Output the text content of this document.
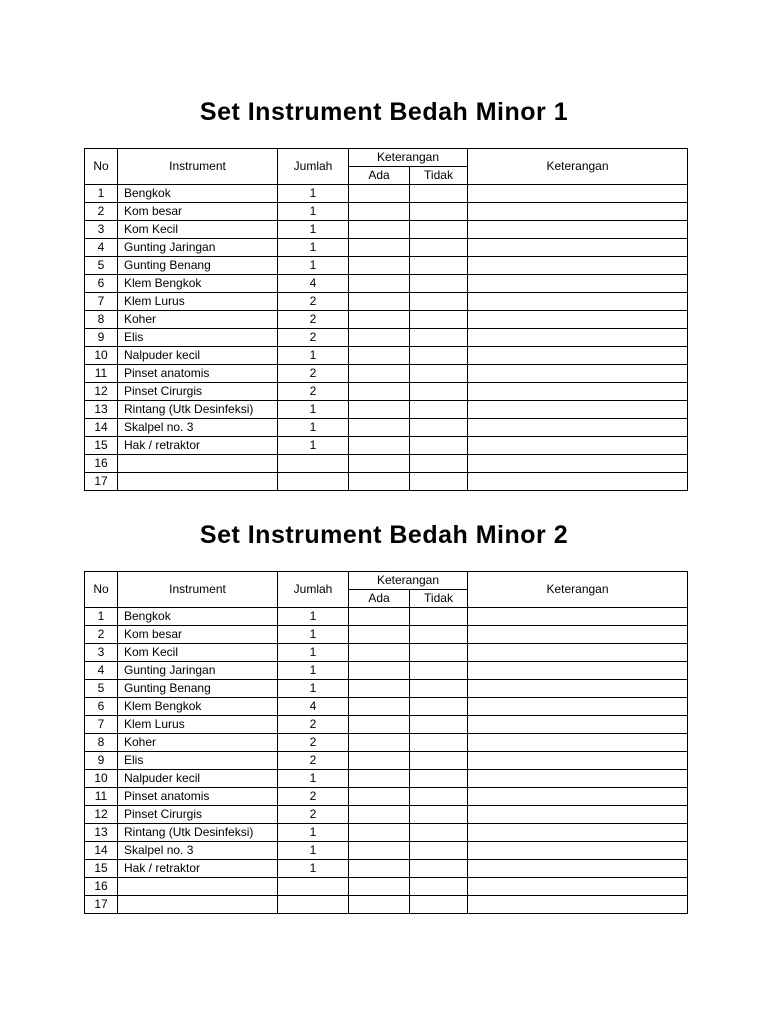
Set Instrument Bedah Minor 1
No	Instrument	Jumlah	Keterangan		Keterangan
			Ada	Tidak	
1	Bengkok	1			
2	Kom besar	1			
3	Kom Kecil	1			
4	Gunting Jaringan	1			
5	Gunting Benang	1			
6	Klem Bengkok	4			
7	Klem Lurus	2			
8	Koher	2			
9	Elis	2			
10	Nalpuder kecil	1			
11	Pinset anatomis	2			
12	Pinset Cirurgis	2			
13	Rintang (Utk Desinfeksi)	1			
14	Skalpel no. 3	1			
15	Hak / retraktor	1			
16					
17					
Set Instrument Bedah Minor 2
No	Instrument	Jumlah	Keterangan		Keterangan
			Ada	Tidak	
1	Bengkok	1			
2	Kom besar	1			
3	Kom Kecil	1			
4	Gunting Jaringan	1			
5	Gunting Benang	1			
6	Klem Bengkok	4			
7	Klem Lurus	2			
8	Koher	2			
9	Elis	2			
10	Nalpuder kecil	1			
11	Pinset anatomis	2			
12	Pinset Cirurgis	2			
13	Rintang (Utk Desinfeksi)	1			
14	Skalpel no. 3	1			
15	Hak / retraktor	1			
16					
17					
